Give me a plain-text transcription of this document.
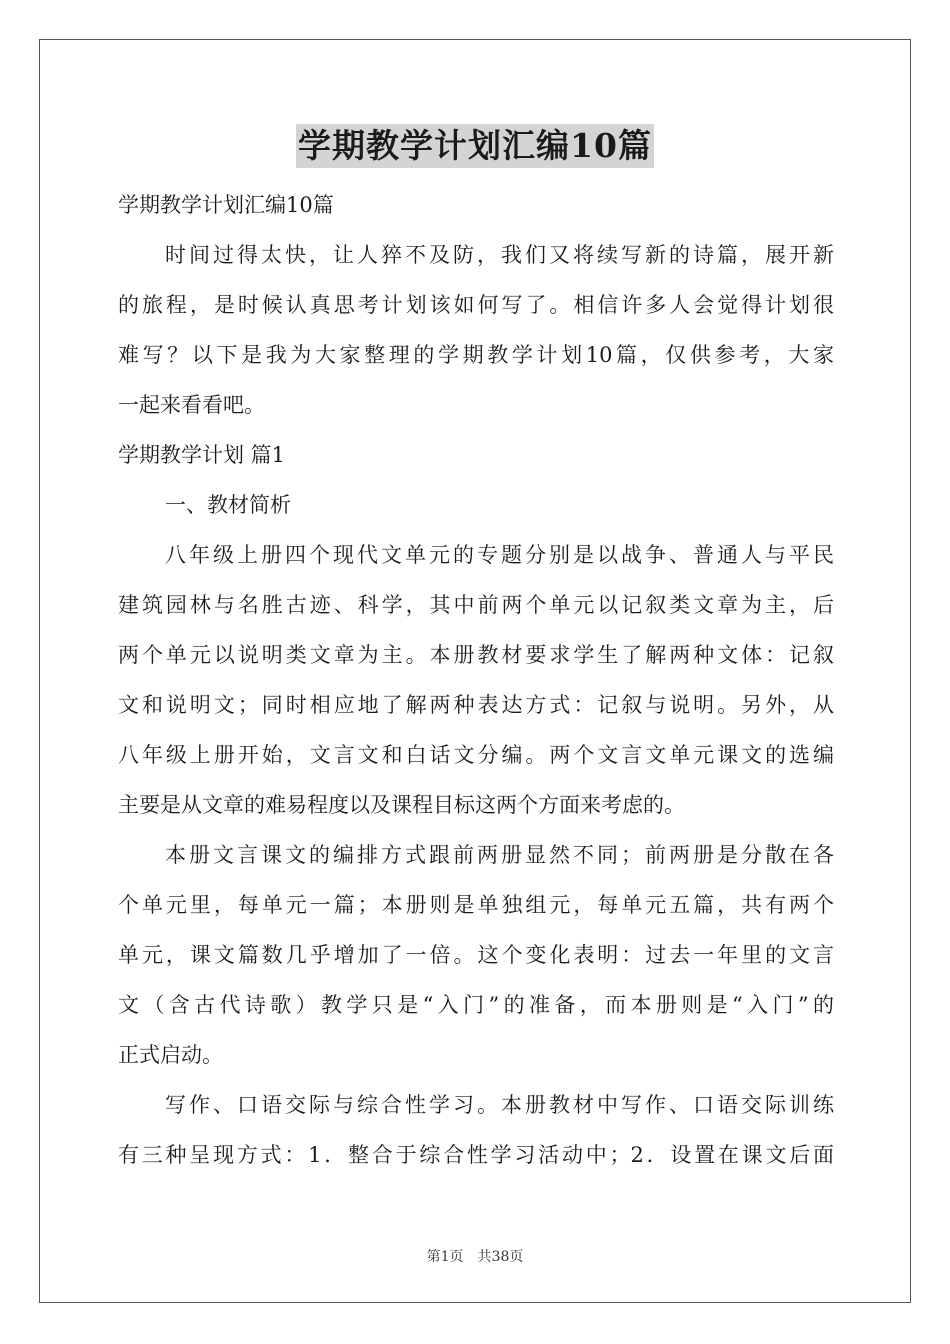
学期教学计划汇编10篇
学期教学计划汇编10篇
时间过得太快，让人猝不及防，我们又将续写新的诗篇，展开新
的旅程，是时候认真思考计划该如何写了。相信许多人会觉得计划很
难写？以下是我为大家整理的学期教学计划10篇，仅供参考，大家
一起来看看吧。
学期教学计划 篇1
一、教材简析
八年级上册四个现代文单元的专题分别是以战争、普通人与平民
建筑园林与名胜古迹、科学，其中前两个单元以记叙类文章为主，后
两个单元以说明类文章为主。本册教材要求学生了解两种文体：记叙
文和说明文；同时相应地了解两种表达方式：记叙与说明。另外，从
八年级上册开始，文言文和白话文分编。两个文言文单元课文的选编
主要是从文章的难易程度以及课程目标这两个方面来考虑的。
本册文言课文的编排方式跟前两册显然不同；前两册是分散在各
个单元里，每单元一篇；本册则是单独组元，每单元五篇，共有两个
单元，课文篇数几乎增加了一倍。这个变化表明：过去一年里的文言
文（含古代诗歌）教学只是“入门”的准备，而本册则是“入门”的
正式启动。
写作、口语交际与综合性学习。本册教材中写作、口语交际训练
有三种呈现方式：1．整合于综合性学习活动中；2．设置在课文后面
第1页　共38页
